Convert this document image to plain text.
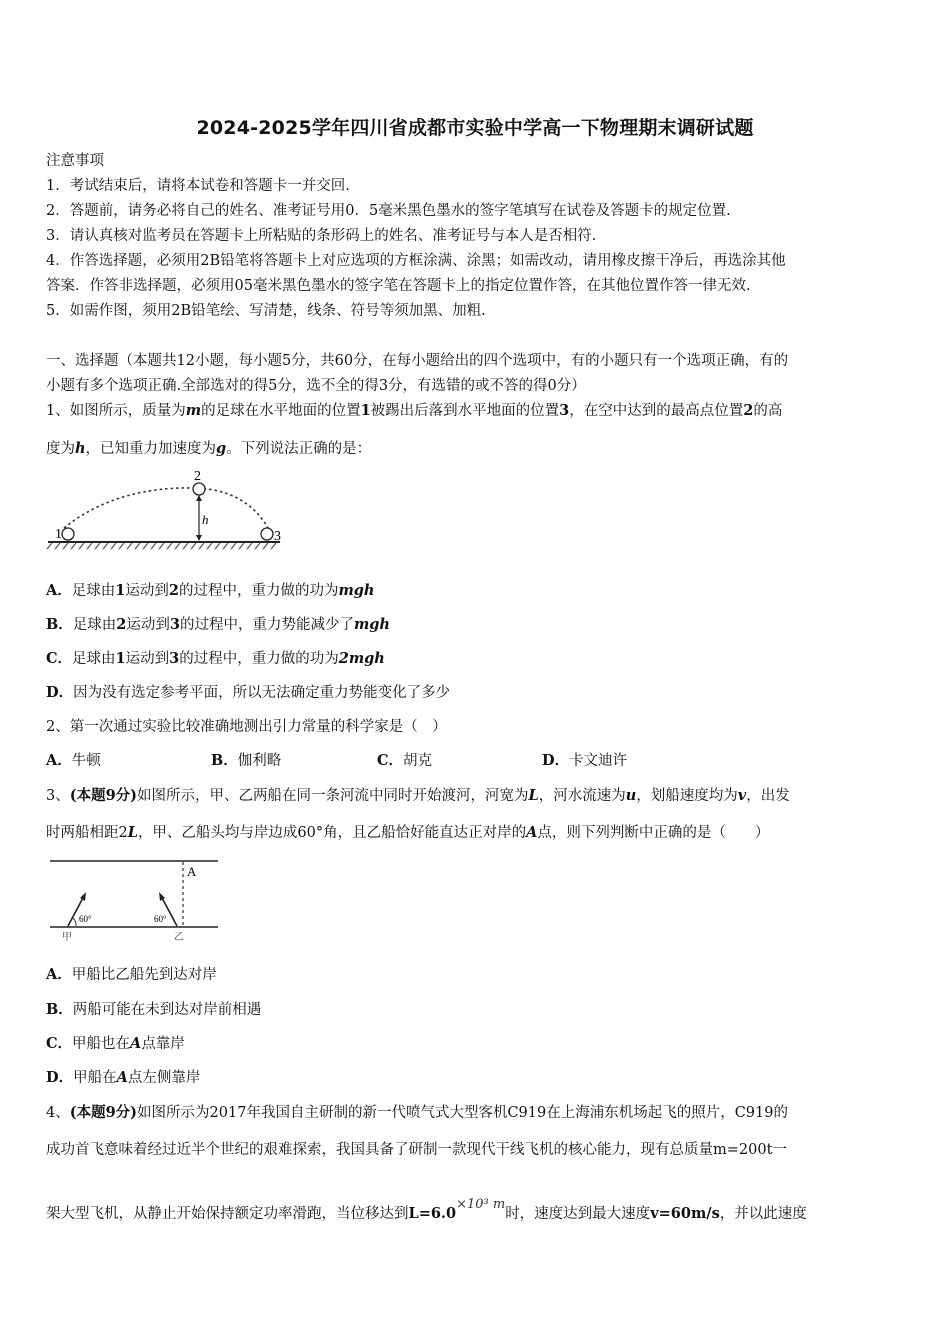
2024-2025学年四川省成都市实验中学高一下物理期末调研试题
注意事项
1．考试结束后，请将本试卷和答题卡一并交回.
2．答题前，请务必将自己的姓名、准考证号用0．5毫米黑色墨水的签字笔填写在试卷及答题卡的规定位置.
3．请认真核对监考员在答题卡上所粘贴的条形码上的姓名、准考证号与本人是否相符.
4．作答选择题，必须用2B铅笔将答题卡上对应选项的方框涂满、涂黑；如需改动，请用橡皮擦干净后，再选涂其他
答案．作答非选择题，必须用05毫米黑色墨水的签字笔在答题卡上的指定位置作答，在其他位置作答一律无效.
5．如需作图，须用2B铅笔绘、写清楚，线条、符号等须加黑、加粗.
一、选择题（本题共12小题，每小题5分，共60分，在每小题给出的四个选项中，有的小题只有一个选项正确，有的
小题有多个选项正确.全部选对的得5分，选不全的得3分，有选错的或不答的得0分）
1、如图所示，质量为m的足球在水平地面的位置1被踢出后落到水平地面的位置3，在空中达到的最高点位置2的高
度为h，已知重力加速度为g。下列说法正确的是：
1
2
3
h
A．足球由1运动到2的过程中，重力做的功为mgh
B．足球由2运动到3的过程中，重力势能减少了mgh
C．足球由1运动到3的过程中，重力做的功为2mgh
D．因为没有选定参考平面，所以无法确定重力势能变化了多少
2、第一次通过实验比较准确地测出引力常量的科学家是（　）
A．牛顿	B．伽利略	C．胡克	D．卡文迪许
3、(本题9分)如图所示，甲、乙两船在同一条河流中同时开始渡河，河宽为L，河水流速为u，划船速度均为v，出发
时两船相距2L，甲、乙船头均与岸边成60°角，且乙船恰好能直达正对岸的A点，则下列判断中正确的是（　　）
A
60°	60°
甲	乙
A．甲船比乙船先到达对岸
B．两船可能在未到达对岸前相遇
C．甲船也在A点靠岸
D．甲船在A点左侧靠岸
4、(本题9分)如图所示为2017年我国自主研制的新一代喷气式大型客机C919在上海浦东机场起飞的照片，C919的
成功首飞意味着经过近半个世纪的艰难探索，我国具备了研制一款现代干线飞机的核心能力，现有总质量m=200t一
架大型飞机，从静止开始保持额定功率滑跑，当位移达到L=6.0×10³ m时，速度达到最大速度v=60m/s，并以此速度
